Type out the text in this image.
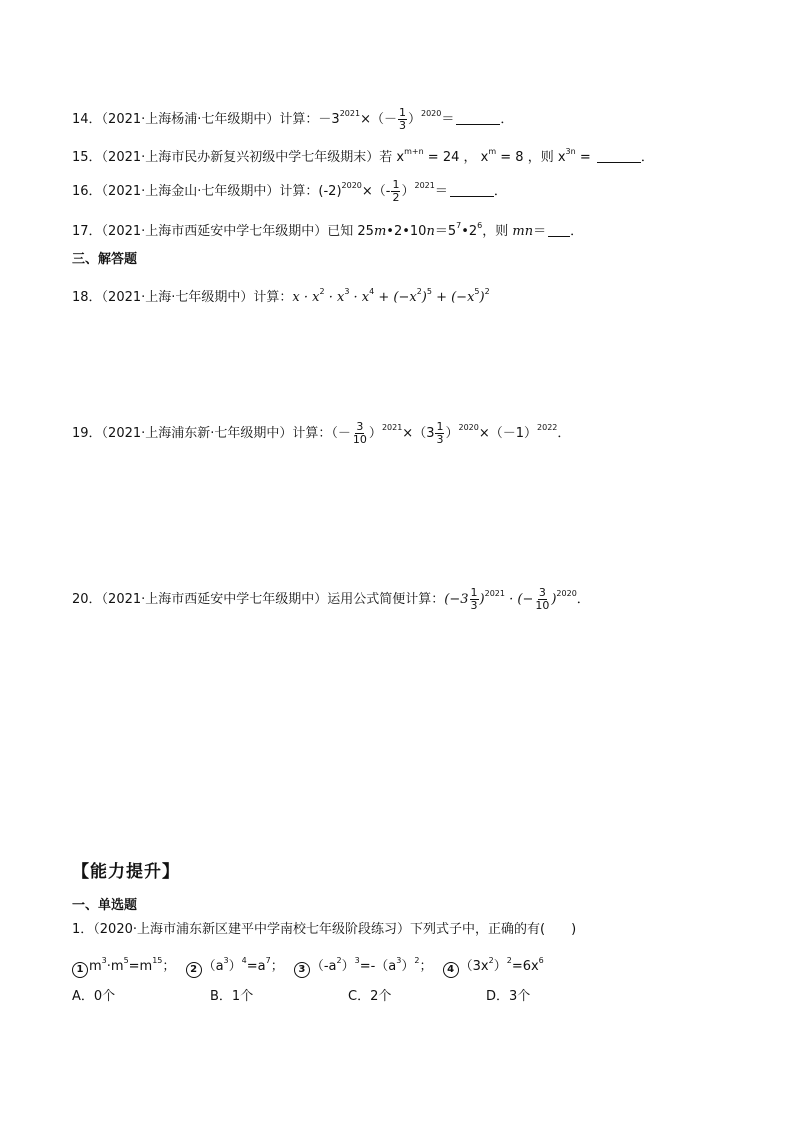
14．（2021·上海杨浦·七年级期中）计算：$-3^{2021}\times(- \frac{1}{3} )^{2020}=$	．
15．（2021·上海市民办新复兴初级中学七年级期末）若 $x^{m+n} = 24$ ， $x^m = 8$ ，则 $x^{3n}$ =	．
16．（2021·上海金山·七年级期中）计算：$(-2)^{2020}\times(- \frac{1}{2} )^{2021}=$	．
17．（2021·上海市西延安中学七年级期中）已知 $25m•2•10n=5^7•2^6$，则 mn＝ ．
三、解答题
18．（2021·上海·七年级期中）计算：$x \cdot x^2 \cdot x^3 \cdot x^4 + (-x^2)^5 + (-x^5)^2$
19．（2021·上海浦东新·七年级期中）计算：（－ $\frac{3}{10} )^{2021}\times(3 \frac{1}{3} )^{2020}\times(-1)^{2022}$．
20．（2021·上海市西延安中学七年级期中）运用公式简便计算：$(-3 \frac{1}{3} )^{2021}$ · (− $\frac{3}{10} )^{2020}$．
【能力提升】
一、单选题
1．（2020·上海市浦东新区建平中学南校七年级阶段练习）下列式子中，正确的有(　　)
1 $m^3\cdot m^5=m^{15}$； 2 $(a^3)^4=a^7$； 3 $(-a^2)^3=-(a^3)^2$； 4 $(3x^2)^2=6x^6$
A．0个	B．1个	C．2个	D．3个
